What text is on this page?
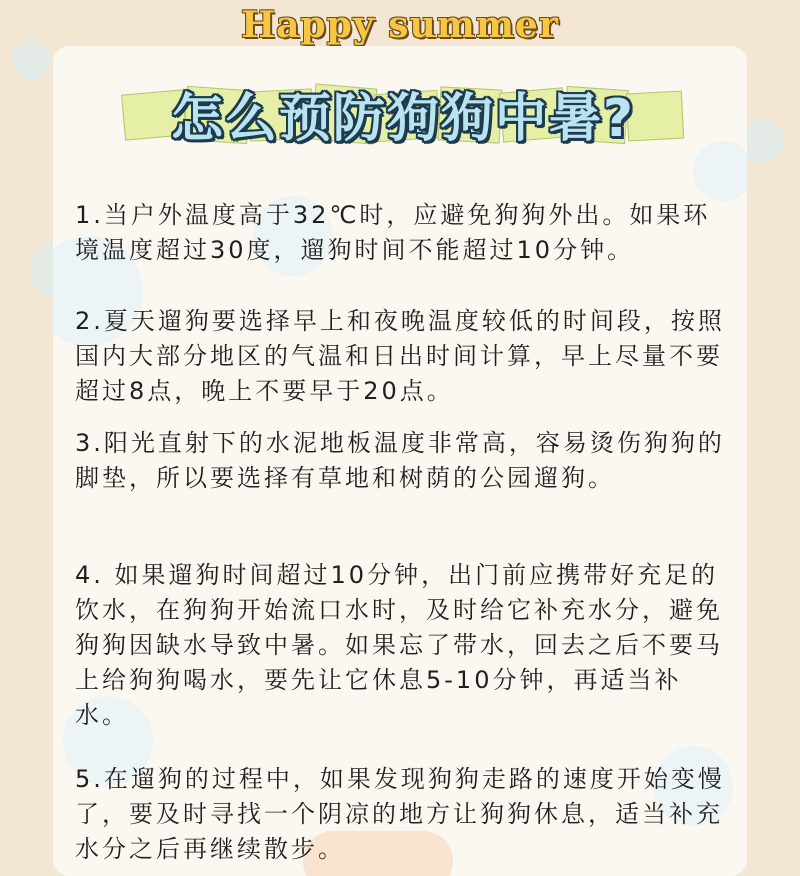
Happy summer
怎么预防狗狗中暑?
1.当户外温度高于32℃时，应避免狗狗外出。如果环境温度超过30度，遛狗时间不能超过10分钟。
2.夏天遛狗要选择早上和夜晚温度较低的时间段，按照国内大部分地区的气温和日出时间计算，早上尽量不要超过8点，晚上不要早于20点。
3.阳光直射下的水泥地板温度非常高，容易烫伤狗狗的脚垫，所以要选择有草地和树荫的公园遛狗。
4. 如果遛狗时间超过10分钟，出门前应携带好充足的饮水，在狗狗开始流口水时，及时给它补充水分，避免狗狗因缺水导致中暑。如果忘了带水，回去之后不要马上给狗狗喝水，要先让它休息5-10分钟，再适当补水。
5.在遛狗的过程中，如果发现狗狗走路的速度开始变慢了，要及时寻找一个阴凉的地方让狗狗休息，适当补充水分之后再继续散步。
